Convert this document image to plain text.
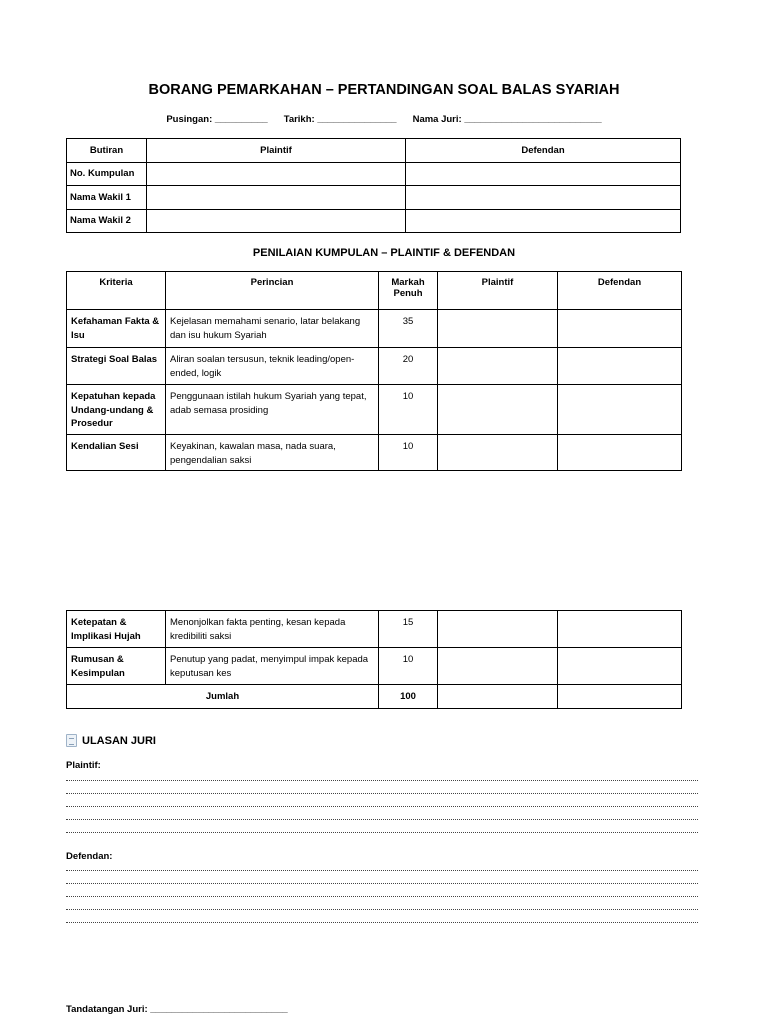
BORANG PEMARKAHAN – PERTANDINGAN SOAL BALAS SYARIAH
Pusingan: __________ Tarikh: _______________ Nama Juri: __________________________
Butiran	Plaintif	Defendan
No. Kumpulan		
Nama Wakil 1		
Nama Wakil 2		
PENILAIAN KUMPULAN – PLAINTIF & DEFENDAN
Kriteria	Perincian	Markah Penuh	Plaintif	Defendan
Kefahaman Fakta & Isu	Kejelasan memahami senario, latar belakang dan isu hukum Syariah	35		
Strategi Soal Balas	Aliran soalan tersusun, teknik leading/open-ended, logik	20		
Kepatuhan kepada Undang-undang & Prosedur	Penggunaan istilah hukum Syariah yang tepat, adab semasa prosiding	10		
Kendalian Sesi	Keyakinan, kawalan masa, nada suara, pengendalian saksi	10		
Ketepatan & Implikasi Hujah	Menonjolkan fakta penting, kesan kepada kredibiliti saksi	15		
Rumusan & Kesimpulan	Penutup yang padat, menyimpul impak kepada keputusan kes	10		
Jumlah		100		
ULASAN JURI
Plaintif:
Defendan:
Tandatangan Juri: __________________________
